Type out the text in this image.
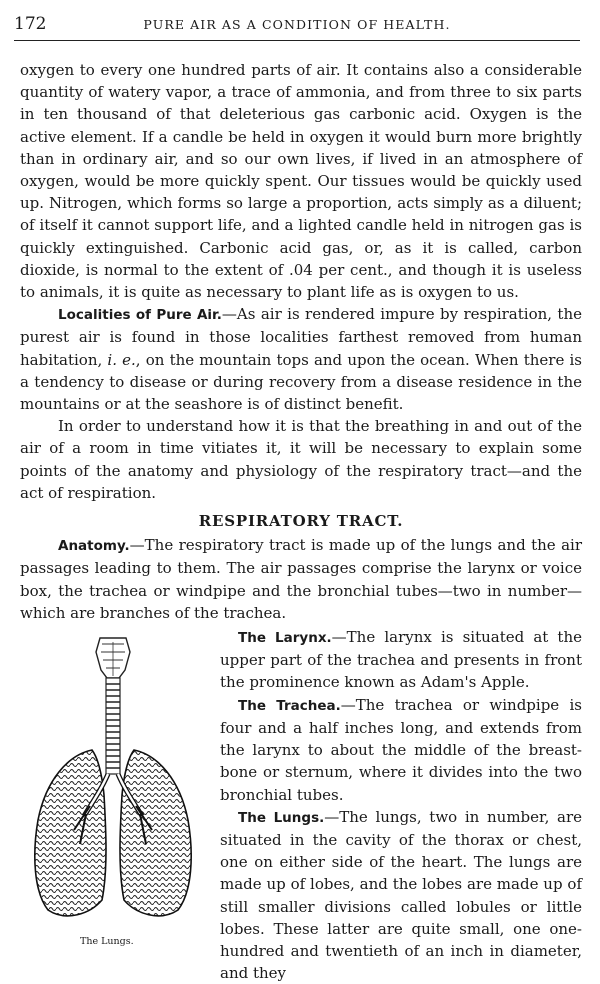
172	PURE AIR AS A CONDITION OF HEALTH.

oxygen to every one hundred parts of air. It contains also a considerable quantity of watery vapor, a trace of ammonia, and from three to six parts in ten thousand of that deleterious gas carbonic acid. Oxygen is the active element. If a candle be held in oxygen it would burn more brightly than in ordinary air, and so our own lives, if lived in an atmosphere of oxygen, would be more quickly spent. Our tissues would be quickly used up. Nitrogen, which forms so large a proportion, acts simply as a diluent; of itself it cannot support life, and a lighted candle held in nitrogen gas is quickly extinguished. Carbonic acid gas, or, as it is called, carbon dioxide, is normal to the extent of .04 per cent., and though it is useless to animals, it is quite as necessary to plant life as is oxygen to us.

Localities of Pure Air.—As air is rendered impure by respiration, the purest air is found in those localities farthest removed from human habitation, i. e., on the mountain tops and upon the ocean. When there is a tendency to disease or during recovery from a disease residence in the mountains or at the seashore is of distinct benefit.

In order to understand how it is that the breathing in and out of the air of a room in time vitiates it, it will be necessary to explain some points of the anatomy and physiology of the respiratory tract—and the act of respiration.

RESPIRATORY TRACT.

Anatomy.—The respiratory tract is made up of the lungs and the air passages leading to them. The air passages comprise the larynx or voice box, the trachea or windpipe and the bronchial tubes—two in number—which are branches of the trachea.

The Lungs.

The Larynx.—The larynx is situated at the upper part of the trachea and presents in front the prominence known as Adam's Apple.

The Trachea.—The trachea or windpipe is four and a half inches long, and extends from the larynx to about the middle of the breast-bone or sternum, where it divides into the two bronchial tubes.

The Lungs.—The lungs, two in number, are situated in the cavity of the thorax or chest, one on either side of the heart. The lungs are made up of lobes, and the lobes are made up of still smaller divisions called lobules or little lobes. These latter are quite small, one one-hundred and twentieth of an inch in diameter, and they
